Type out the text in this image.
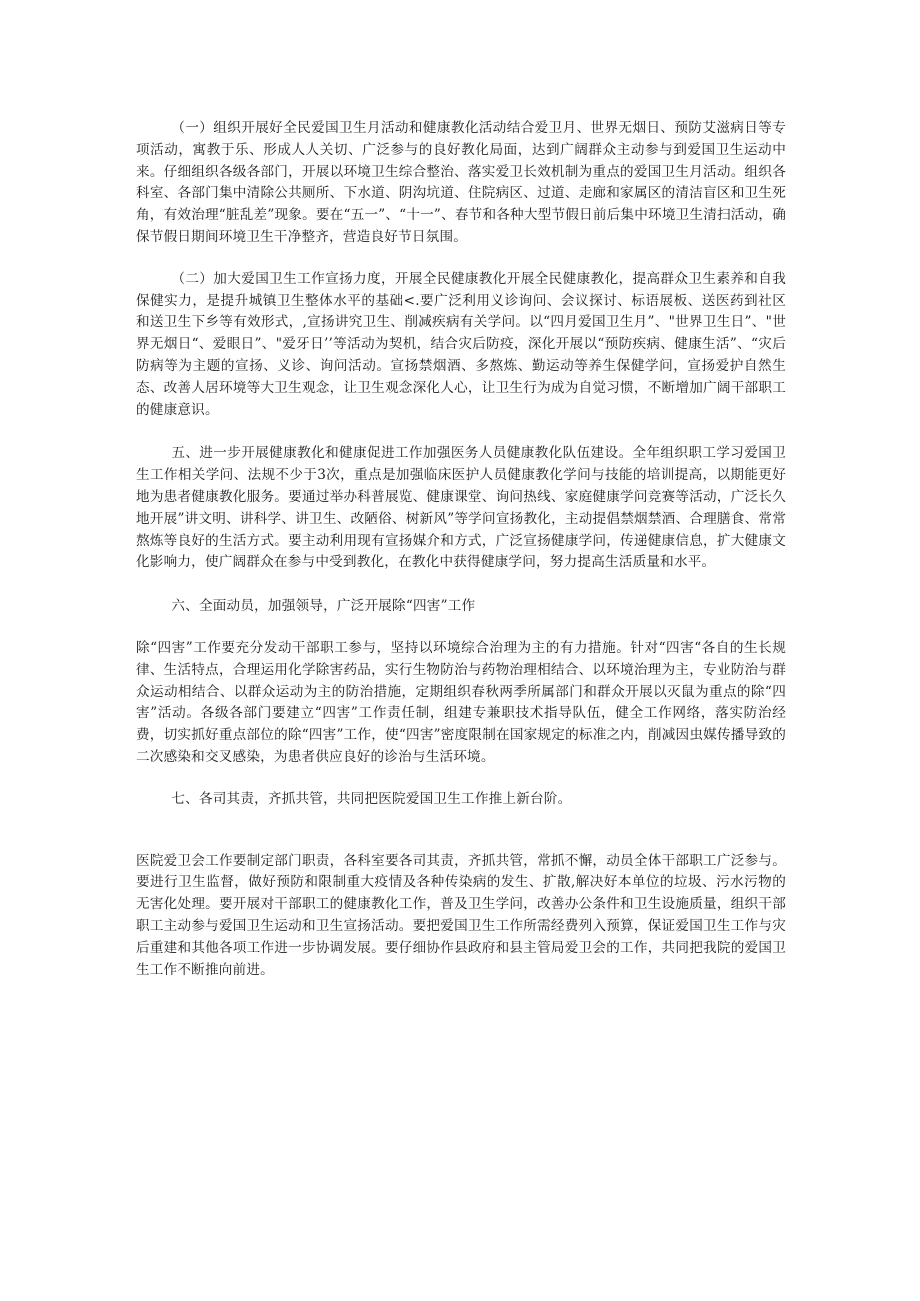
（一）组织开展好全民爱国卫生月活动和健康教化活动结合爱卫月、世界无烟日、预防艾滋病日等专项活动，寓教于乐、形成人人关切、广泛参与的良好教化局面，达到广阔群众主动参与到爱国卫生运动中来。仔细组织各级各部门，开展以环境卫生综合整治、落实爱卫长效机制为重点的爱国卫生月活动。组织各科室、各部门集中清除公共厕所、下水道、阴沟坑道、住院病区、过道、走廊和家属区的清洁盲区和卫生死角，有效治理“脏乱差”现象。要在“五一”、“十一”、春节和各种大型节假日前后集中环境卫生清扫活动，确保节假日期间环境卫生干净整齐，营造良好节日氛围。

（二）加大爱国卫生工作宣扬力度，开展全民健康教化开展全民健康教化，提高群众卫生素养和自我保健实力，是提升城镇卫生整体水平的基础<.要广泛利用义诊询问、会议探讨、标语展板、送医药到社区和送卫生下乡等有效形式，,宣扬讲究卫生、削减疾病有关学问。以“四月爱国卫生月”、"世界卫生日”、"世界无烟日“、爱眼日”、"爱牙日’’等活动为契机，结合灾后防疫，深化开展以“预防疾病、健康生活”、“灾后防病等为主题的宣扬、义诊、询问活动。宣扬禁烟酒、多熬炼、勤运动等养生保健学问，宣扬爱护自然生态、改善人居环境等大卫生观念，让卫生观念深化人心，让卫生行为成为自觉习惯，不断增加广阔干部职工的健康意识。

五、进一步开展健康教化和健康促进工作加强医务人员健康教化队伍建设。全年组织职工学习爱国卫生工作相关学问、法规不少于3次，重点是加强临床医护人员健康教化学问与技能的培训提高，以期能更好地为患者健康教化服务。要通过举办科普展览、健康课堂、询问热线、家庭健康学问竞赛等活动，广泛长久地开展”讲文明、讲科学、讲卫生、改陋俗、树新风”等学问宣扬教化，主动提倡禁烟禁酒、合理膳食、常常熬炼等良好的生活方式。要主动利用现有宣扬媒介和方式，广泛宣扬健康学问，传递健康信息，扩大健康文化影响力，使广阔群众在参与中受到教化，在教化中获得健康学问，努力提高生活质量和水平。

六、全面动员，加强领导，广泛开展除“四害”工作

除“四害”工作要充分发动干部职工参与，坚持以环境综合治理为主的有力措施。针对“四害“各自的生长规律、生活特点，合理运用化学除害药品，实行生物防治与药物治理相结合、以环境治理为主，专业防治与群众运动相结合、以群众运动为主的防治措施，定期组织春秋两季所属部门和群众开展以灭鼠为重点的除“四害”活动。各级各部门要建立“四害”工作责任制，组建专兼职技术指导队伍，健全工作网络，落实防治经费，切实抓好重点部位的除“四害”工作，使“四害”密度限制在国家规定的标准之内，削减因虫媒传播导致的二次感染和交叉感染，为患者供应良好的诊治与生活环境。

七、各司其责，齐抓共管，共同把医院爱国卫生工作推上新台阶。

医院爱卫会工作要制定部门职责，各科室要各司其责，齐抓共管，常抓不懈，动员全体干部职工广泛参与。要进行卫生监督，做好预防和限制重大疫情及各种传染病的发生、扩散,解决好本单位的垃圾、污水污物的无害化处理。要开展对干部职工的健康教化工作，普及卫生学问，改善办公条件和卫生设施质量，组织干部职工主动参与爱国卫生运动和卫生宣扬活动。要把爱国卫生工作所需经费列入预算，保证爱国卫生工作与灾后重建和其他各项工作进一步协调发展。要仔细协作县政府和县主管局爱卫会的工作，共同把我院的爱国卫生工作不断推向前进。
